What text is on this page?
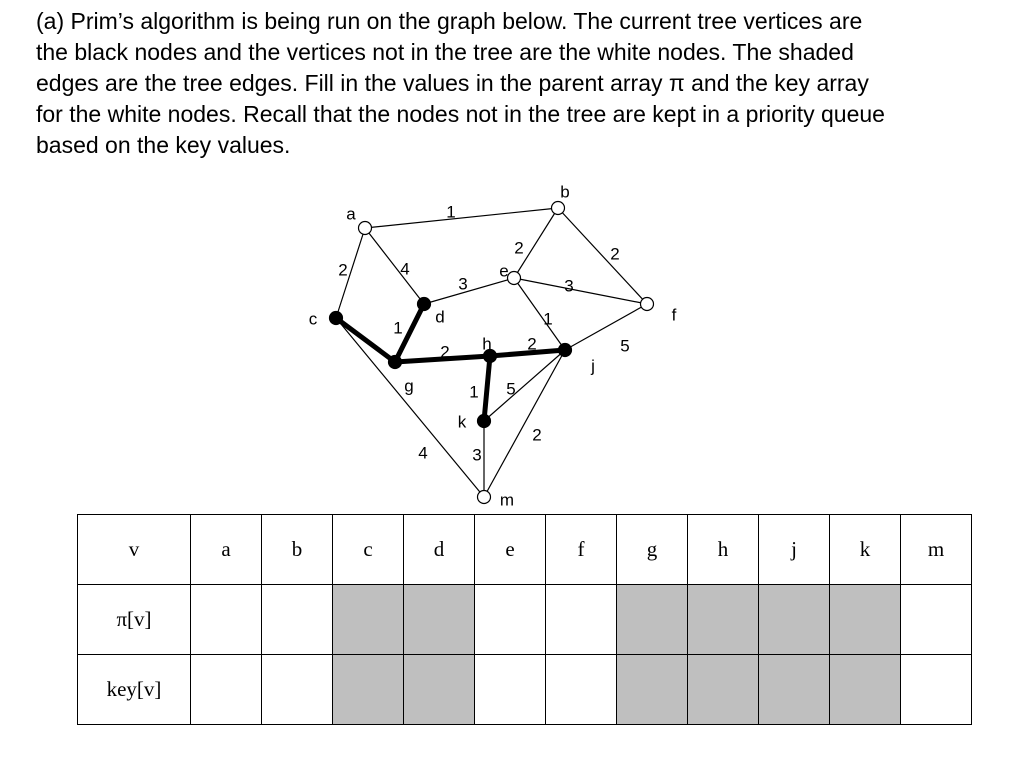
(a) Prim’s algorithm is being run on the graph below. The current tree vertices are
the black nodes and the vertices not in the tree are the white nodes. The shaded
edges are the tree edges. Fill in the values in the parent array π and the key array
for the white nodes. Recall that the nodes not in the tree are kept in a priority queue
based on the key values.

1
2	4
2	2
3	3
1
5
1
2	2
1 5
2
3
4
a
b
c	d
e
f
g
h
j
k
m
v	a	b	c	d	e	f	g	h	j	k	m
π[v]											
key[v]											
